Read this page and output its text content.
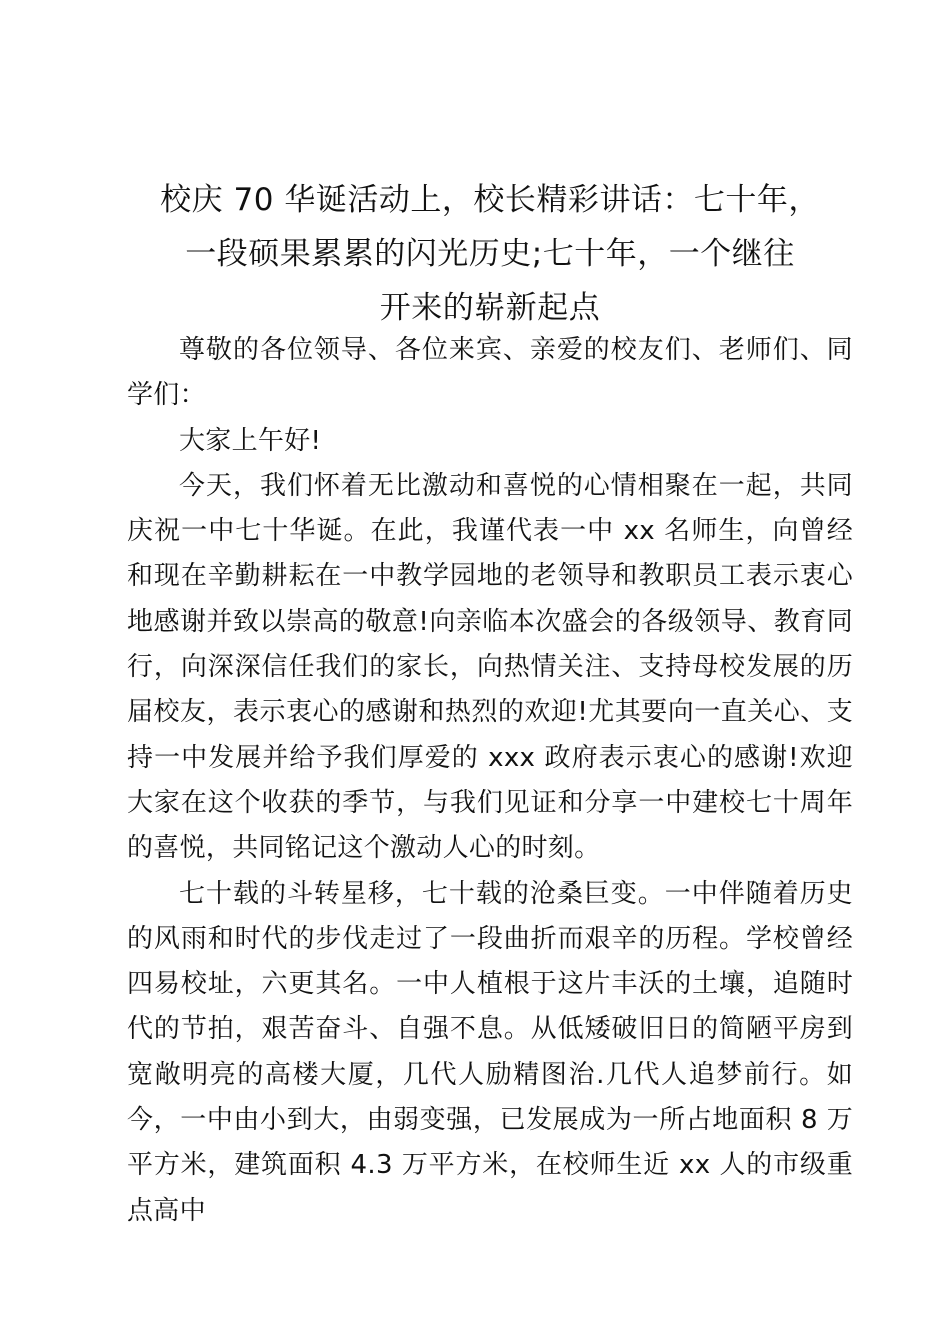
校庆 70 华诞活动上，校长精彩讲话：七十年，
一段硕果累累的闪光历史;七十年，一个继往
开来的崭新起点

尊敬的各位领导、各位来宾、亲爱的校友们、老师们、同学们：

大家上午好!

今天，我们怀着无比激动和喜悦的心情相聚在一起，共同庆祝一中七十华诞。在此，我谨代表一中 xx 名师生，向曾经和现在辛勤耕耘在一中教学园地的老领导和教职员工表示衷心地感谢并致以崇高的敬意!向亲临本次盛会的各级领导、教育同行，向深深信任我们的家长，向热情关注、支持母校发展的历届校友，表示衷心的感谢和热烈的欢迎!尤其要向一直关心、支持一中发展并给予我们厚爱的 xxx 政府表示衷心的感谢!欢迎大家在这个收获的季节，与我们见证和分享一中建校七十周年的喜悦，共同铭记这个激动人心的时刻。

七十载的斗转星移，七十载的沧桑巨变。一中伴随着历史的风雨和时代的步伐走过了一段曲折而艰辛的历程。学校曾经四易校址，六更其名。一中人植根于这片丰沃的土壤，追随时代的节拍，艰苦奋斗、自强不息。从低矮破旧日的简陋平房到宽敞明亮的高楼大厦，几代人励精图治.几代人追梦前行。如今，一中由小到大，由弱变强，已发展成为一所占地面积 8 万平方米，建筑面积 4.3 万平方米，在校师生近 xx 人的市级重点高中
